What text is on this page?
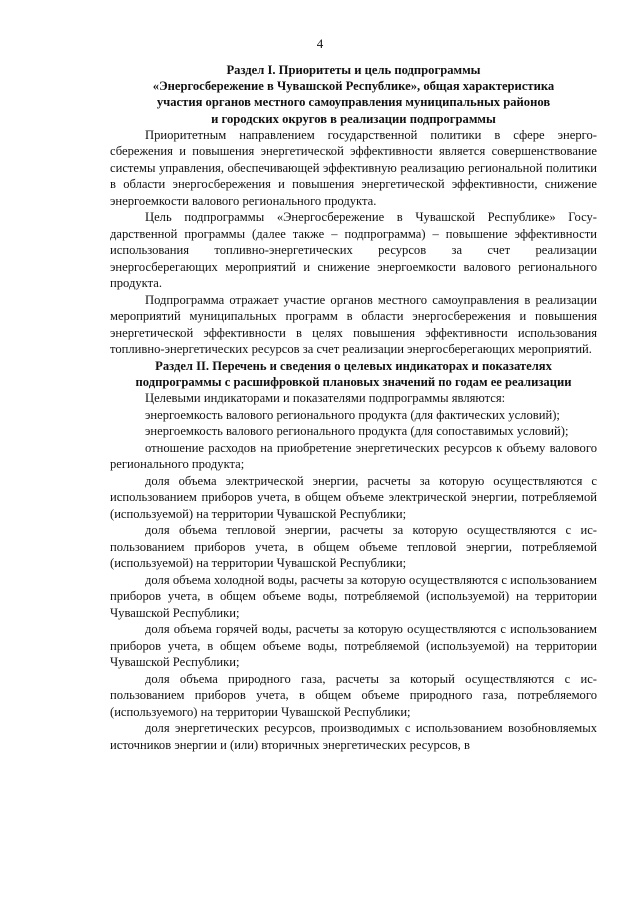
4
Раздел I. Приоритеты и цель подпрограммы
«Энергосбережение в Чувашской Республике», общая характеристика
участия органов местного самоуправления муниципальных районов
и городских округов в реализации подпрограммы

Приоритетным направлением государственной политики в сфере энергосбережения и повышения энергетической эффективности является совершенствование системы управления, обеспечивающей эффективную реализацию региональной политики в области энергосбережения и повышения энергетической эффективности, снижение энергоемкости валового регионального продукта.

Цель подпрограммы «Энергосбережение в Чувашской Республике» Государственной программы (далее также – подпрограмма) – повышение эффективности использования топливно-энергетических ресурсов за счет реализации энергосберегающих мероприятий и снижение энергоемкости валового регионального продукта.

Подпрограмма отражает участие органов местного самоуправления в реализации мероприятий муниципальных программ в области энергосбережения и повышения энергетической эффективности в целях повышения эффективности использования топливно-энергетических ресурсов за счет реализации энергосберегающих мероприятий.

Раздел II. Перечень и сведения о целевых индикаторах и показателях
подпрограммы с расшифровкой плановых значений по годам ее реализации

Целевыми индикаторами и показателями подпрограммы являются:

энергоемкость валового регионального продукта (для фактических условий);

энергоемкость валового регионального продукта (для сопоставимых условий);

отношение расходов на приобретение энергетических ресурсов к объему валового регионального продукта;

доля объема электрической энергии, расчеты за которую осуществляются с использованием приборов учета, в общем объеме электрической энергии, потребляемой (используемой) на территории Чувашской Республики;

доля объема тепловой энергии, расчеты за которую осуществляются с использованием приборов учета, в общем объеме тепловой энергии, потребляемой (используемой) на территории Чувашской Республики;

доля объема холодной воды, расчеты за которую осуществляются с использованием приборов учета, в общем объеме воды, потребляемой (используемой) на территории Чувашской Республики;

доля объема горячей воды, расчеты за которую осуществляются с использованием приборов учета, в общем объеме воды, потребляемой (используемой) на территории Чувашской Республики;

доля объема природного газа, расчеты за который осуществляются с использованием приборов учета, в общем объеме природного газа, потребляемого (используемого) на территории Чувашской Республики;

доля энергетических ресурсов, производимых с использованием возобновляемых источников энергии и (или) вторичных энергетических ресурсов, в
